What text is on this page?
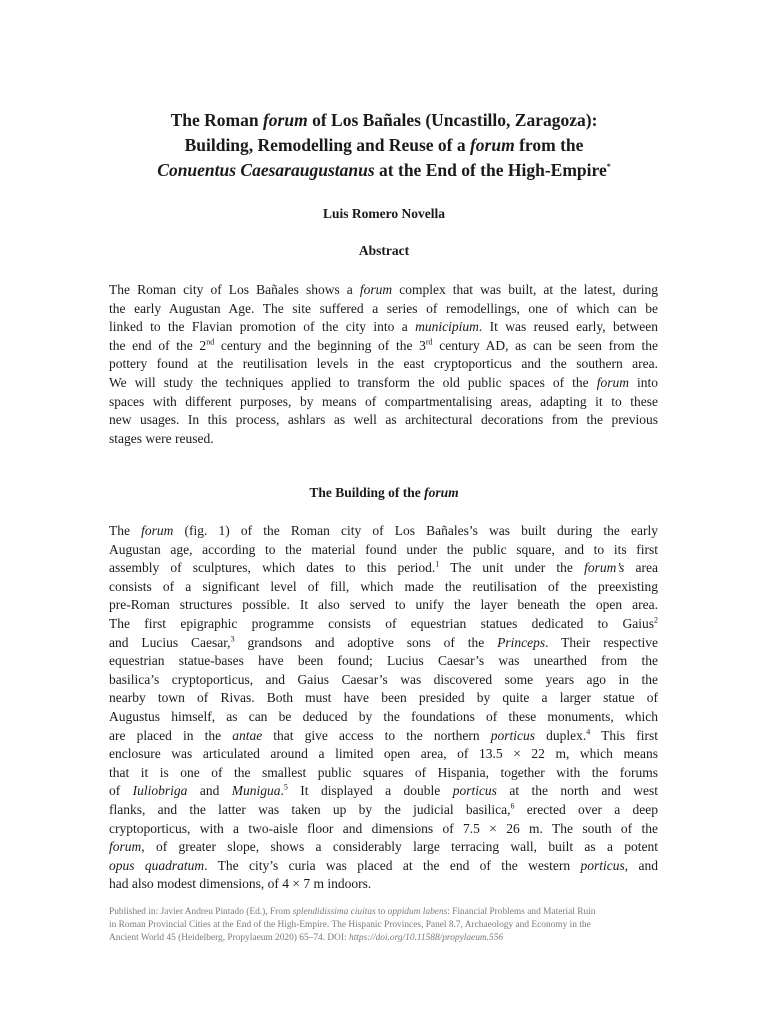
The Roman forum of Los Bañales (Uncastillo, Zaragoza):
Building, Remodelling and Reuse of a forum from the
Conuentus Caesaraugustanus at the End of the High-Empire*
Luis Romero Novella
Abstract
The Roman city of Los Bañales shows a forum complex that was built, at the latest, during
the early Augustan Age. The site suffered a series of remodellings, one of which can be
linked to the Flavian promotion of the city into a municipium. It was reused early, between
the end of the 2nd century and the beginning of the 3rd century AD, as can be seen from the
pottery found at the reutilisation levels in the east cryptoporticus and the southern area.
We will study the techniques applied to transform the old public spaces of the forum into
spaces with different purposes, by means of compartmentalising areas, adapting it to these
new usages. In this process, ashlars as well as architectural decorations from the previous
stages were reused.
The Building of the forum
The forum (fig. 1) of the Roman city of Los Bañales’s was built during the early
Augustan age, according to the material found under the public square, and to its first
assembly of sculptures, which dates to this period.$^1$ The unit under the forum’s area
consists of a significant level of fill, which made the reutilisation of the preexisting
pre-Roman structures possible. It also served to unify the layer beneath the open area.
The first epigraphic programme consists of equestrian statues dedicated to Gaius$^2$
and Lucius Caesar,$^3$ grandsons and adoptive sons of the Princeps. Their respective
equestrian statue-bases have been found; Lucius Caesar’s was unearthed from the
basilica’s cryptoporticus, and Gaius Caesar’s was discovered some years ago in the
nearby town of Rivas. Both must have been presided by quite a larger statue of
Augustus himself, as can be deduced by the foundations of these monuments, which
are placed in the antae that give access to the northern porticus duplex.$^4$ This first
enclosure was articulated around a limited open area, of 13.5 × 22 m, which means
that it is one of the smallest public squares of Hispania, together with the forums
of Iuliobriga and Munigua.$^5$ It displayed a double porticus at the north and west
flanks, and the latter was taken up by the judicial basilica,$^6$ erected over a deep
cryptoporticus, with a two-aisle floor and dimensions of 7.5 × 26 m. The south of the
forum, of greater slope, shows a considerably large terracing wall, built as a potent
opus quadratum. The city’s curia was placed at the end of the western porticus, and
had also modest dimensions, of 4 × 7 m indoors.
Published in: Javier Andreu Pintado (Ed.), From splendidissima ciuitas to oppidum labens: Financial Problems and Material Ruin
in Roman Provincial Cities at the End of the High-Empire. The Hispanic Provinces, Panel 8.7, Archaeology and Economy in the
Ancient World 45 (Heidelberg, Propylaeum 2020) 65–74. DOI: https://doi.org/10.11588/propylaeum.556
